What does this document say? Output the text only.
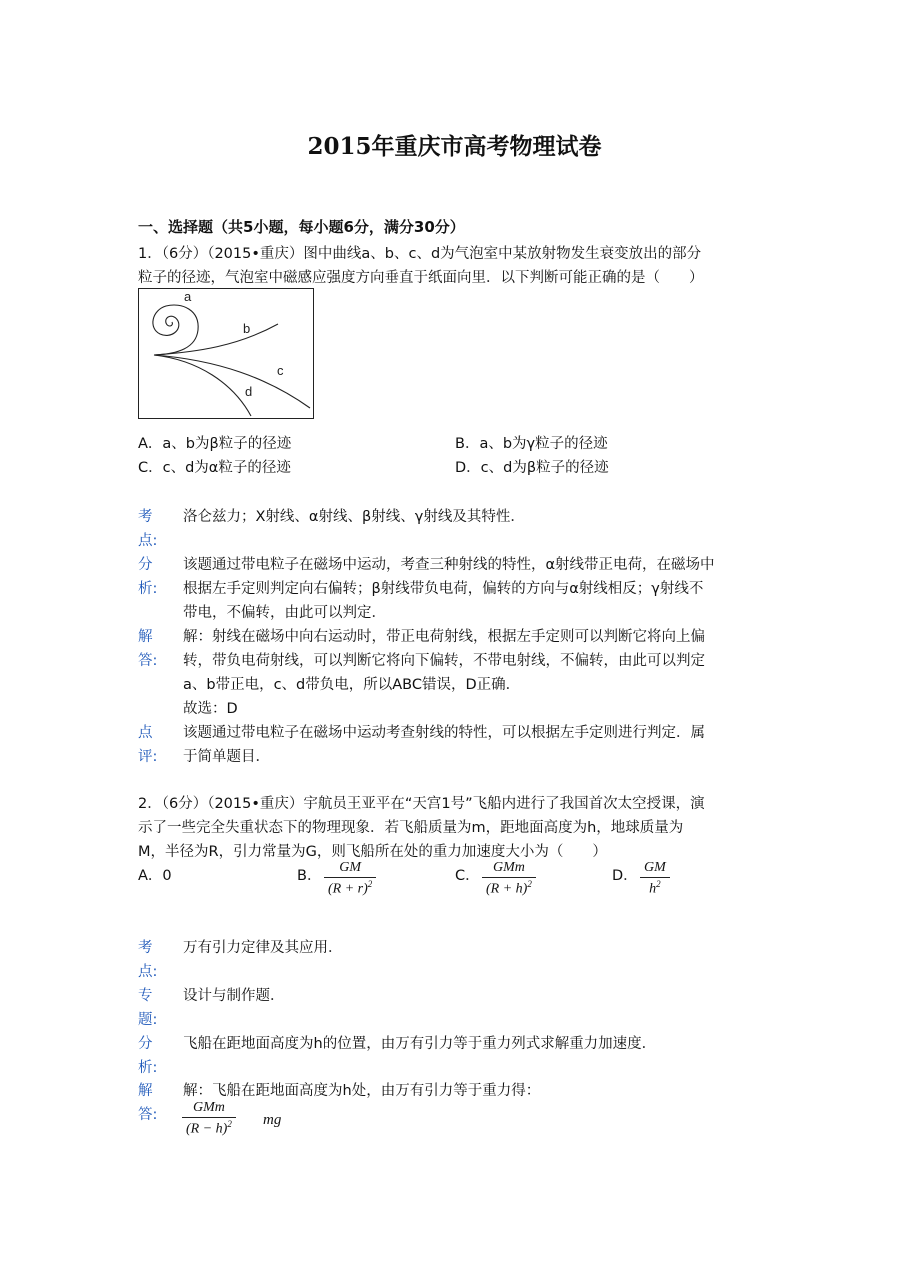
2015年重庆市高考物理试卷
一、选择题（共5小题，每小题6分，满分30分）
1．（6分）（2015•重庆）图中曲线a、b、c、d为气泡室中某放射物发生衰变放出的部分
粒子的径迹，气泡室中磁感应强度方向垂直于纸面向里．以下判断可能正确的是（　　）
a
b
c
d
A．a、b为β粒子的径迹	B．a、b为γ粒子的径迹
C．c、d为α粒子的径迹	D．c、d为β粒子的径迹
考
点:
洛仑兹力；X射线、α射线、β射线、γ射线及其特性．
分
析:
该题通过带电粒子在磁场中运动，考查三种射线的特性，α射线带正电荷，在磁场中
根据左手定则判定向右偏转；β射线带负电荷，偏转的方向与α射线相反；γ射线不
带电，不偏转，由此可以判定．
解
答:
解：射线在磁场中向右运动时，带正电荷射线，根据左手定则可以判断它将向上偏
转，带负电荷射线，可以判断它将向下偏转，不带电射线，不偏转，由此可以判定
a、b带正电，c、d带负电，所以ABC错误，D正确．
故选：D
点
评:
该题通过带电粒子在磁场中运动考查射线的特性，可以根据左手定则进行判定．属
于简单题目．
2．（6分）（2015•重庆）宇航员王亚平在“天宫1号”飞船内进行了我国首次太空授课，演
示了一些完全失重状态下的物理现象．若飞船质量为m，距地面高度为h，地球质量为
M，半径为R，引力常量为G，则飞船所在处的重力加速度大小为（　　）
A．0	B．
GM
$(R + r)^2$	C．
GMm
$(R + h)^2$	D．
GM
$h^2$
考
点:
万有引力定律及其应用．
专
题:
设计与制作题．
分
析:
飞船在距地面高度为h的位置，由万有引力等于重力列式求解重力加速度．
解
答:
解：飞船在距地面高度为h处，由万有引力等于重力得：
GMm
$(R - h)^2$ mg
